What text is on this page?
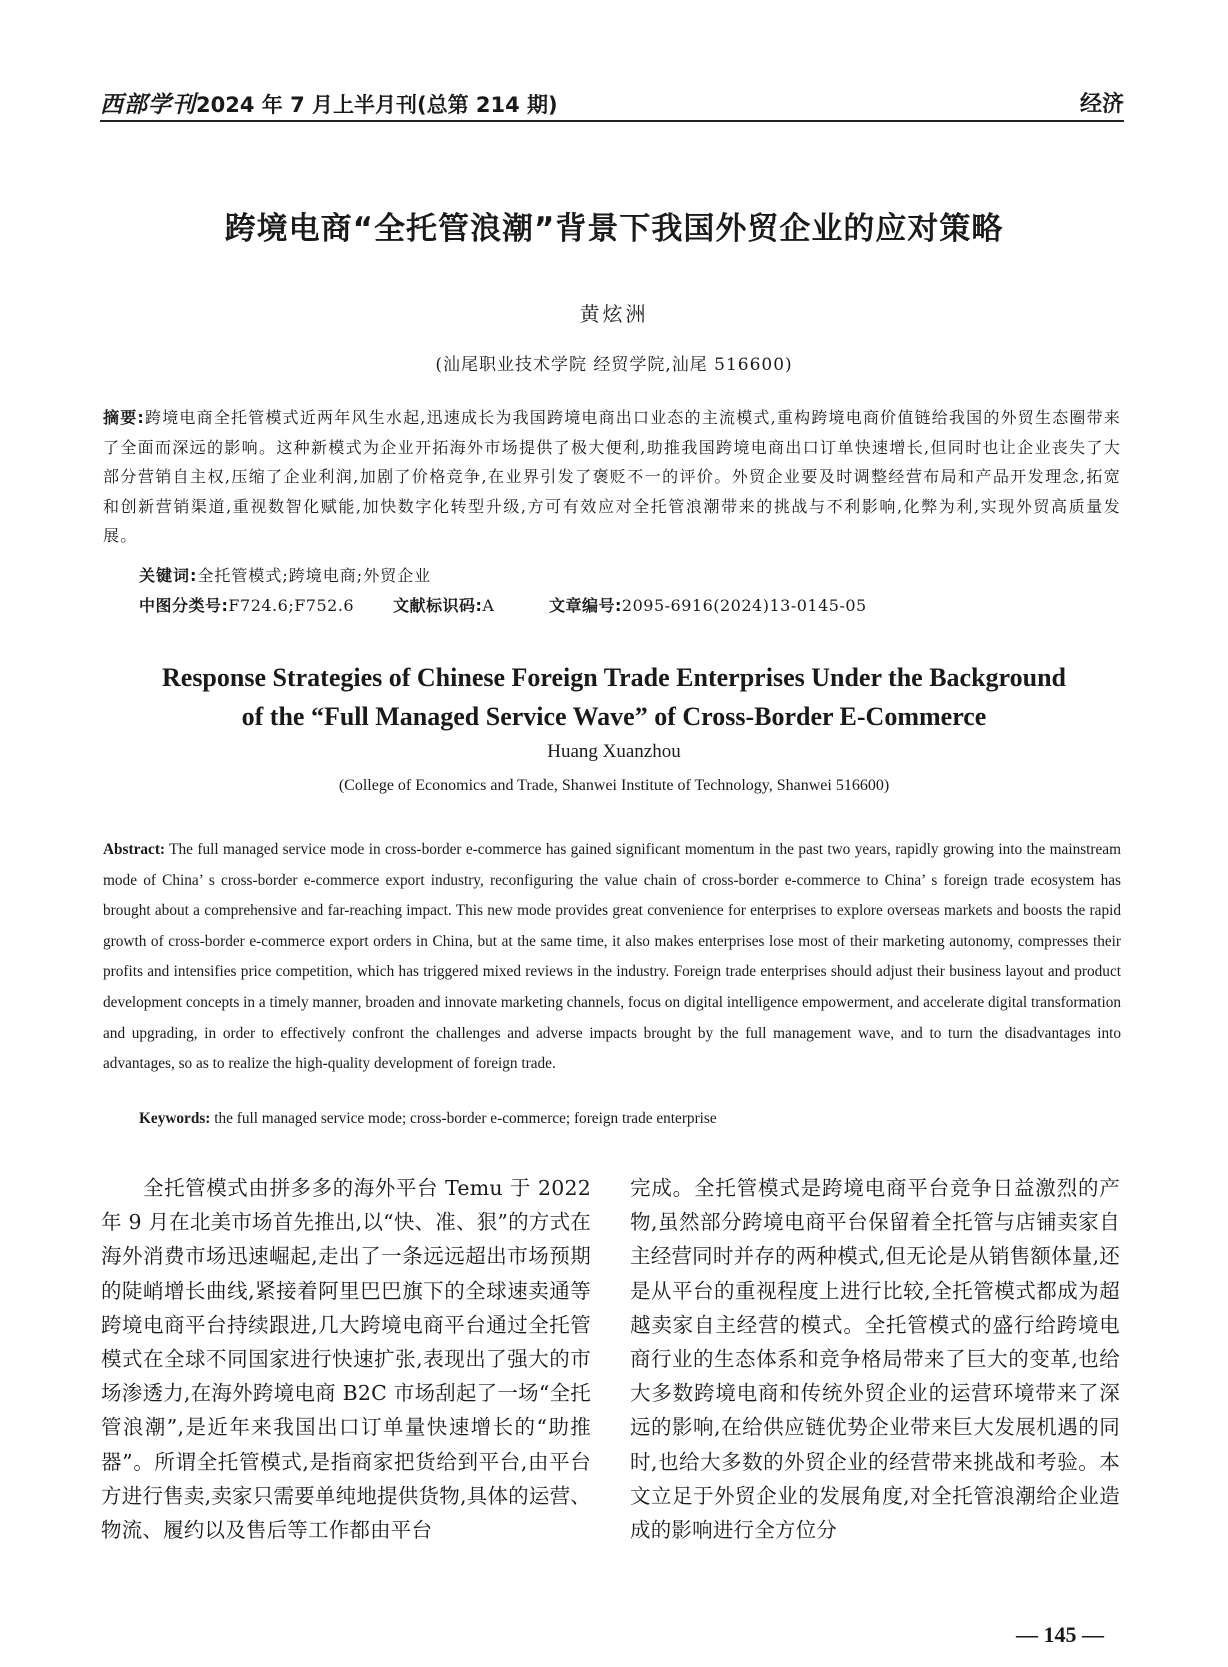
西部学刊 2024 年 7 月上半月刊(总第 214 期)	经济
跨境电商“全托管浪潮”背景下我国外贸企业的应对策略
黄炫洲
(汕尾职业技术学院 经贸学院,汕尾 516600)
摘要:跨境电商全托管模式近两年风生水起,迅速成长为我国跨境电商出口业态的主流模式,重构跨境电商价值链给我国的外贸生态圈带来了全面而深远的影响。这种新模式为企业开拓海外市场提供了极大便利,助推我国跨境电商出口订单快速增长,但同时也让企业丧失了大部分营销自主权,压缩了企业利润,加剧了价格竞争,在业界引发了褒贬不一的评价。外贸企业要及时调整经营布局和产品开发理念,拓宽和创新营销渠道,重视数智化赋能,加快数字化转型升级,方可有效应对全托管浪潮带来的挑战与不利影响,化弊为利,实现外贸高质量发展。
关键词:全托管模式;跨境电商;外贸企业
中图分类号:F724.6;F752.6 文献标识码:A	文章编号:2095-6916(2024)13-0145-05
Response Strategies of Chinese Foreign Trade Enterprises Under the Background
of the “Full Managed Service Wave” of Cross-Border E-Commerce
Huang Xuanzhou
(College of Economics and Trade, Shanwei Institute of Technology, Shanwei 516600)
Abstract: The full managed service mode in cross-border e-commerce has gained significant momentum in the past two years, rapidly growing into the mainstream mode of China’ s cross-border e-commerce export industry, reconfiguring the value chain of cross-border e-commerce to China’ s foreign trade ecosystem has brought about a comprehensive and far-reaching impact. This new mode provides great convenience for enterprises to explore overseas markets and boosts the rapid growth of cross-border e-commerce export orders in China, but at the same time, it also makes enterprises lose most of their marketing autonomy, compresses their profits and intensifies price competition, which has triggered mixed reviews in the industry. Foreign trade enterprises should adjust their business layout and product development concepts in a timely manner, broaden and innovate marketing channels, focus on digital intelligence empowerment, and accelerate digital transformation and upgrading, in order to effectively confront the challenges and adverse impacts brought by the full management wave, and to turn the disadvantages into advantages, so as to realize the high-quality development of foreign trade.
Keywords: the full managed service mode; cross-border e-commerce; foreign trade enterprise
全托管模式由拼多多的海外平台 Temu 于 2022 年 9 月在北美市场首先推出,以“快、准、狠”的方式在海外消费市场迅速崛起,走出了一条远远超出市场预期的陡峭增长曲线,紧接着阿里巴巴旗下的全球速卖通等跨境电商平台持续跟进,几大跨境电商平台通过全托管模式在全球不同国家进行快速扩张,表现出了强大的市场渗透力,在海外跨境电商 B2C 市场刮起了一场“全托管浪潮”,是近年来我国出口订单量快速增长的“助推器”。所谓全托管模式,是指商家把货给到平台,由平台方进行售卖,卖家只需要单纯地提供货物,具体的运营、物流、履约以及售后等工作都由平台
完成。全托管模式是跨境电商平台竞争日益激烈的产物,虽然部分跨境电商平台保留着全托管与店铺卖家自主经营同时并存的两种模式,但无论是从销售额体量,还是从平台的重视程度上进行比较,全托管模式都成为超越卖家自主经营的模式。全托管模式的盛行给跨境电商行业的生态体系和竞争格局带来了巨大的变革,也给大多数跨境电商和传统外贸企业的运营环境带来了深远的影响,在给供应链优势企业带来巨大发展机遇的同时,也给大多数的外贸企业的经营带来挑战和考验。本文立足于外贸企业的发展角度,对全托管浪潮给企业造成的影响进行全方位分
— 145 —
